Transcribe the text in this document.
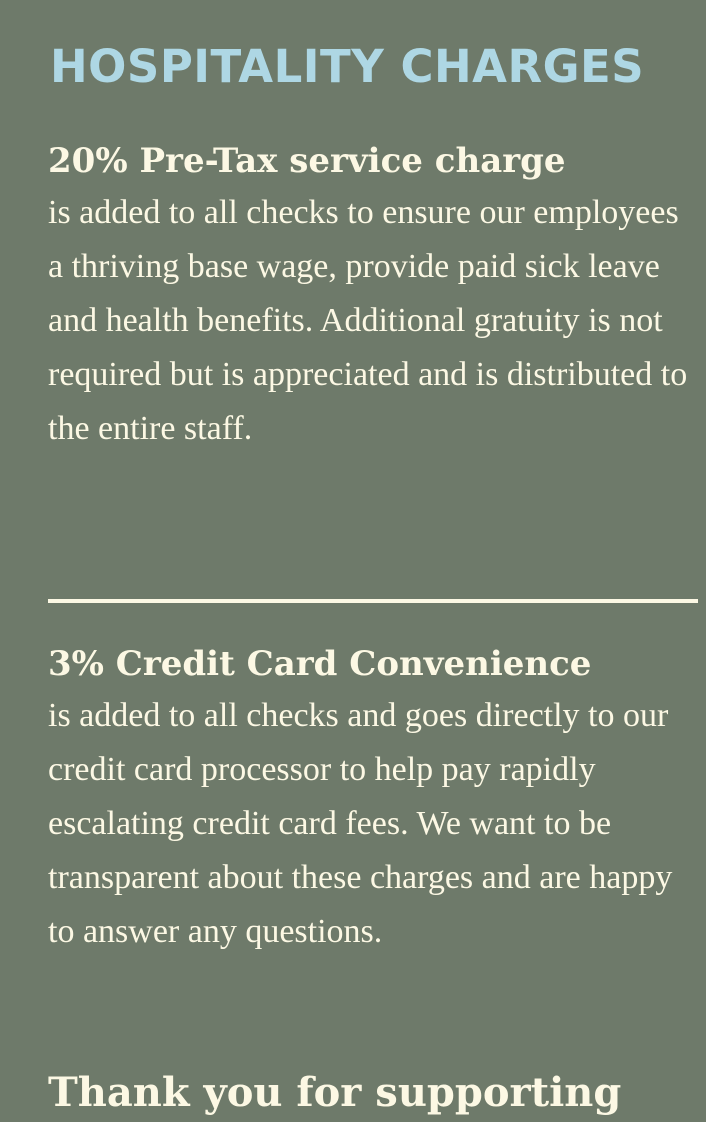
HOSPITALITY CHARGES
20% Pre-Tax service charge

is added to all checks to ensure our employees a thriving base wage, provide paid sick leave and health benefits. Additional gratuity is not required but is appreciated and is distributed to the entire staff.

3% Credit Card Convenience

is added to all checks and goes directly to our credit card processor to help pay rapidly escalating credit card fees. We want to be transparent about these charges and are happy to answer any questions.

Thank you for supporting
